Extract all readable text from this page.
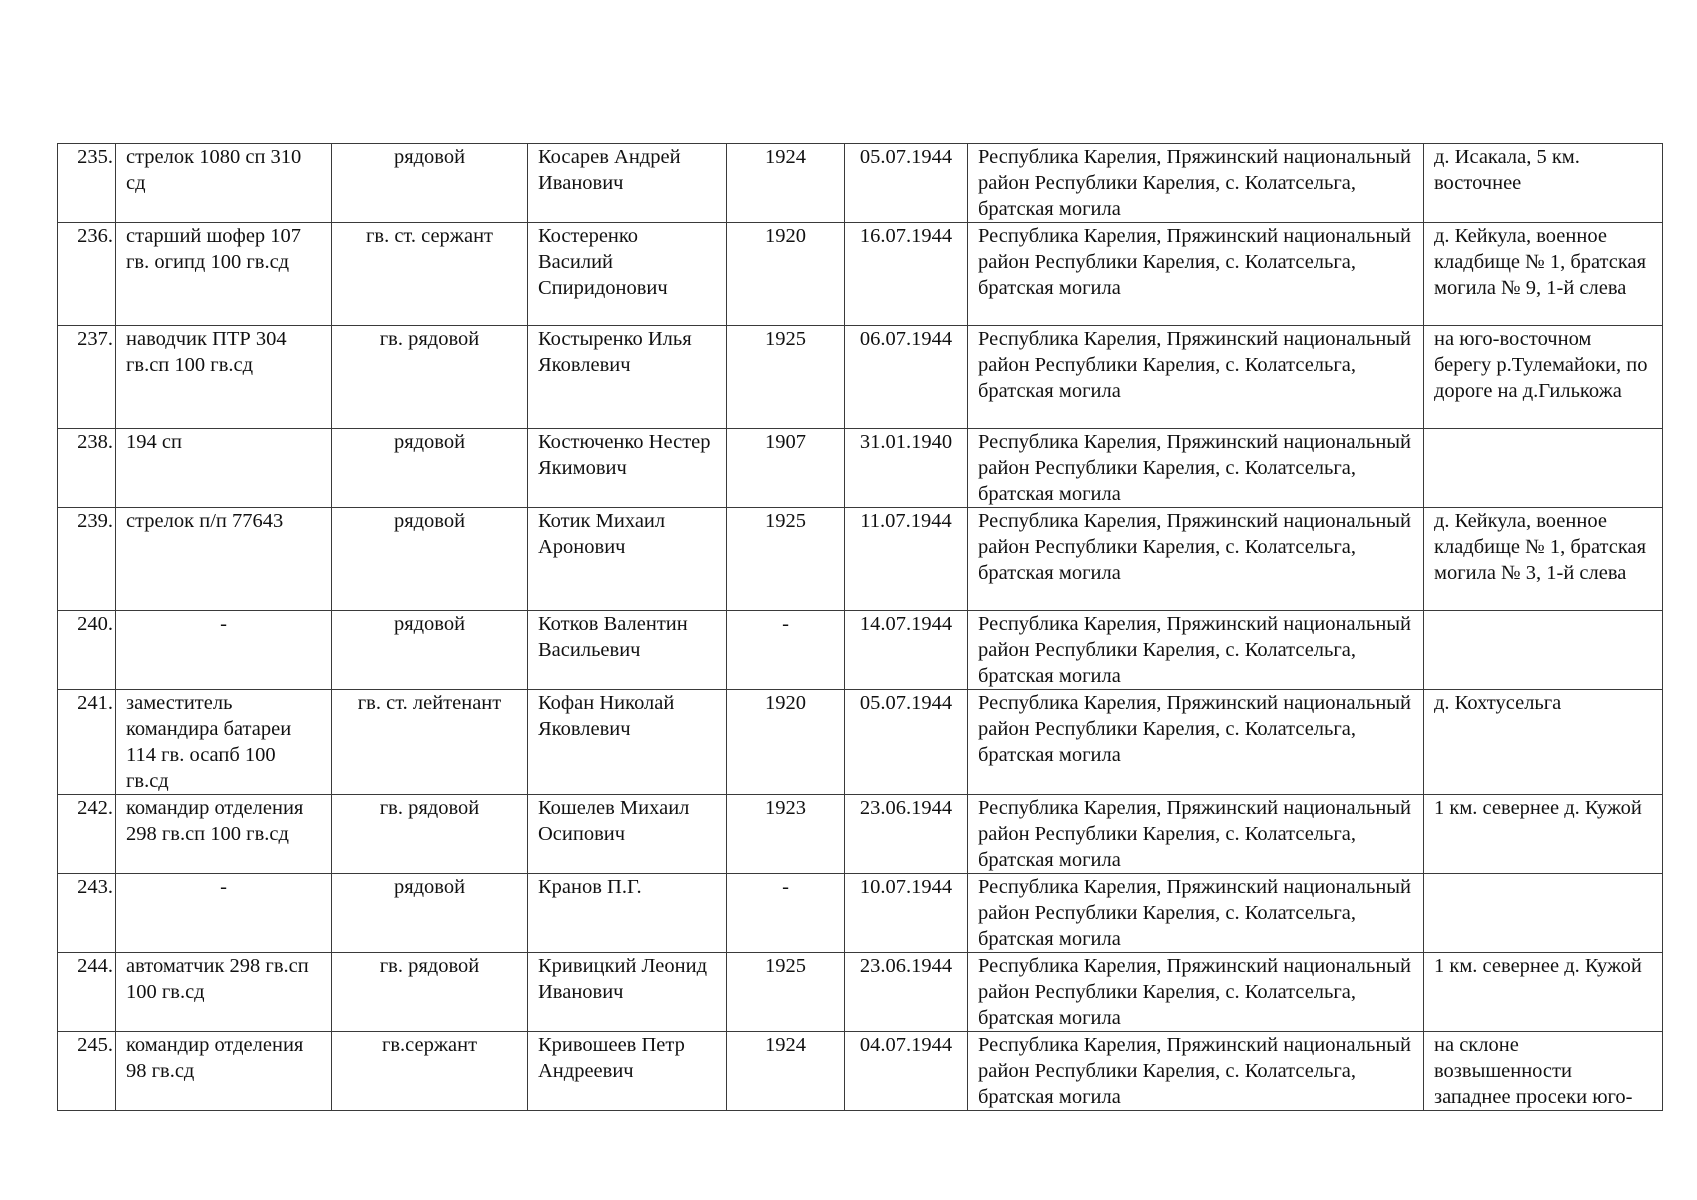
235.	стрелок 1080 сп 310 сд	рядовой	Косарев Андрей Иванович	1924	05.07.1944	Республика Карелия, Пряжинский национальный район Республики Карелия, с. Колатсельга, братская могила	д. Исакала, 5 км. восточнее
236.	старший шофер 107 гв. огипд 100 гв.сд	гв. ст. сержант	Костеренко Василий Спиридонович	1920	16.07.1944	Республика Карелия, Пряжинский национальный район Республики Карелия, с. Колатсельга, братская могила	д. Кейкула, военное кладбище № 1, братская могила № 9, 1-й слева
237.	наводчик ПТР 304 гв.сп 100 гв.сд	гв. рядовой	Костыренко Илья Яковлевич	1925	06.07.1944	Республика Карелия, Пряжинский национальный район Республики Карелия, с. Колатсельга, братская могила	на юго-восточном берегу р.Тулемайоки, по дороге на д.Гилькожа
238.	194 сп	рядовой	Костюченко Нестер Якимович	1907	31.01.1940	Республика Карелия, Пряжинский национальный район Республики Карелия, с. Колатсельга, братская могила	
239.	стрелок п/п 77643	рядовой	Котик Михаил Аронович	1925	11.07.1944	Республика Карелия, Пряжинский национальный район Республики Карелия, с. Колатсельга, братская могила	д. Кейкула, военное кладбище № 1, братская могила № 3, 1-й слева
240.	-	рядовой	Котков Валентин Васильевич	-	14.07.1944	Республика Карелия, Пряжинский национальный район Республики Карелия, с. Колатсельга, братская могила	
241.	заместитель командира батареи 114 гв. осапб 100 гв.сд	гв. ст. лейтенант	Кофан Николай Яковлевич	1920	05.07.1944	Республика Карелия, Пряжинский национальный район Республики Карелия, с. Колатсельга, братская могила	д. Кохтусельга
242.	командир отделения 298 гв.сп 100 гв.сд	гв. рядовой	Кошелев Михаил Осипович	1923	23.06.1944	Республика Карелия, Пряжинский национальный район Республики Карелия, с. Колатсельга, братская могила	1 км. севернее д. Кужой
243.	-	рядовой	Кранов П.Г.	-	10.07.1944	Республика Карелия, Пряжинский национальный район Республики Карелия, с. Колатсельга, братская могила	
244.	автоматчик 298 гв.сп 100 гв.сд	гв. рядовой	Кривицкий Леонид Иванович	1925	23.06.1944	Республика Карелия, Пряжинский национальный район Республики Карелия, с. Колатсельга, братская могила	1 км. севернее д. Кужой
245.	командир отделения 98 гв.сд	гв.сержант	Кривошеев Петр Андреевич	1924	04.07.1944	Республика Карелия, Пряжинский национальный район Республики Карелия, с. Колатсельга, братская могила	на склоне возвышенности западнее просеки юго-
